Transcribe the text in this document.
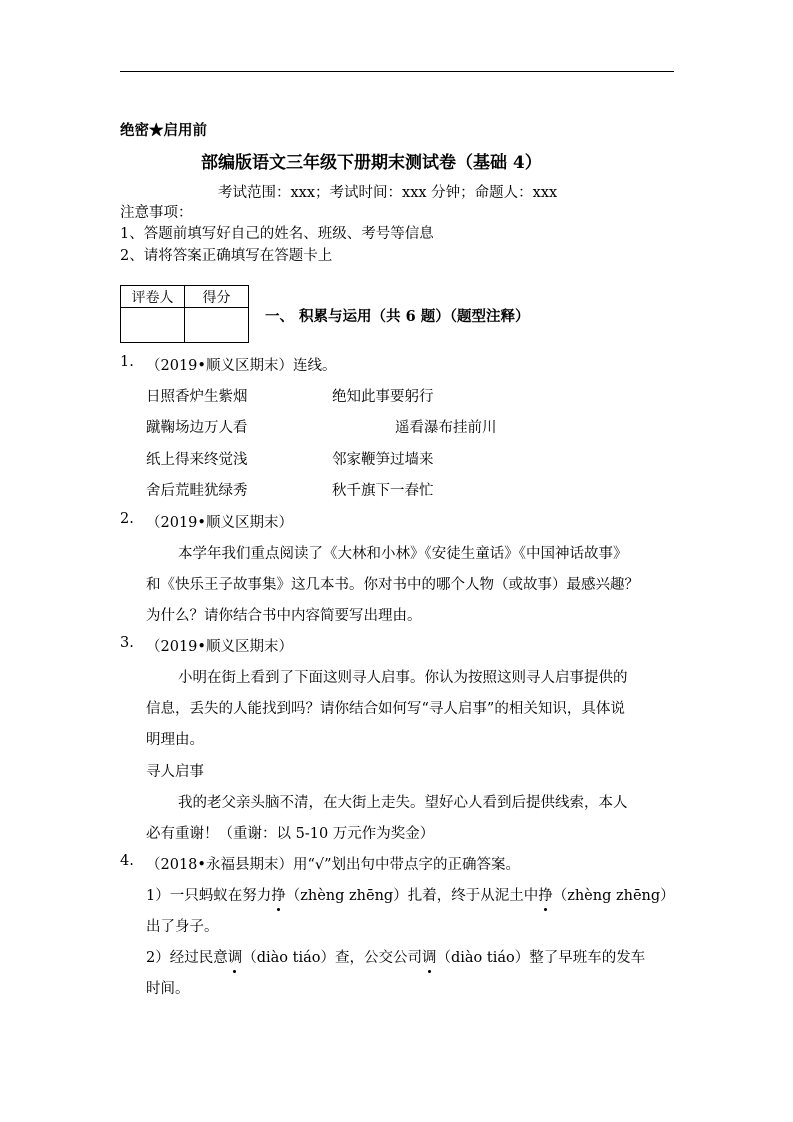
绝密★启用前
部编版语文三年级下册期末测试卷（基础 4）
考试范围：xxx；考试时间：xxx 分钟；命题人：xxx
注意事项：
1、答题前填写好自己的姓名、班级、考号等信息
2、请将答案正确填写在答题卡上
评卷人	得分

一、 积累与运用（共 6 题）（题型注释）
1. （2019•顺义区期末）连线。
日照香炉生紫烟	绝知此事要躬行
蹴鞠场边万人看	遥看瀑布挂前川
纸上得来终觉浅	邻家鞭笋过墙来
舍后荒畦犹绿秀	秋千旗下一春忙
2. （2019•顺义区期末）
本学年我们重点阅读了《大林和小林》《安徒生童话》《中国神话故事》
和《快乐王子故事集》这几本书。你对书中的哪个人物（或故事）最感兴趣？
为什么？请你结合书中内容简要写出理由。
3. （2019•顺义区期末）
小明在街上看到了下面这则寻人启事。你认为按照这则寻人启事提供的
信息，丢失的人能找到吗？请你结合如何写“寻人启事”的相关知识，具体说
明理由。
寻人启事
我的老父亲头脑不清，在大街上走失。望好心人看到后提供线索，本人
必有重谢！（重谢：以 5-10 万元作为奖金）
4. （2018•永福县期末）用“√”划出句中带点字的正确答案。
1）一只蚂蚁在努力挣（zhèng zhēng）扎着，终于从泥土中挣（zhèng zhēng）
出了身子。
2）经过民意调（diào tiáo）查，公交公司调（diào tiáo）整了早班车的发车
时间。
